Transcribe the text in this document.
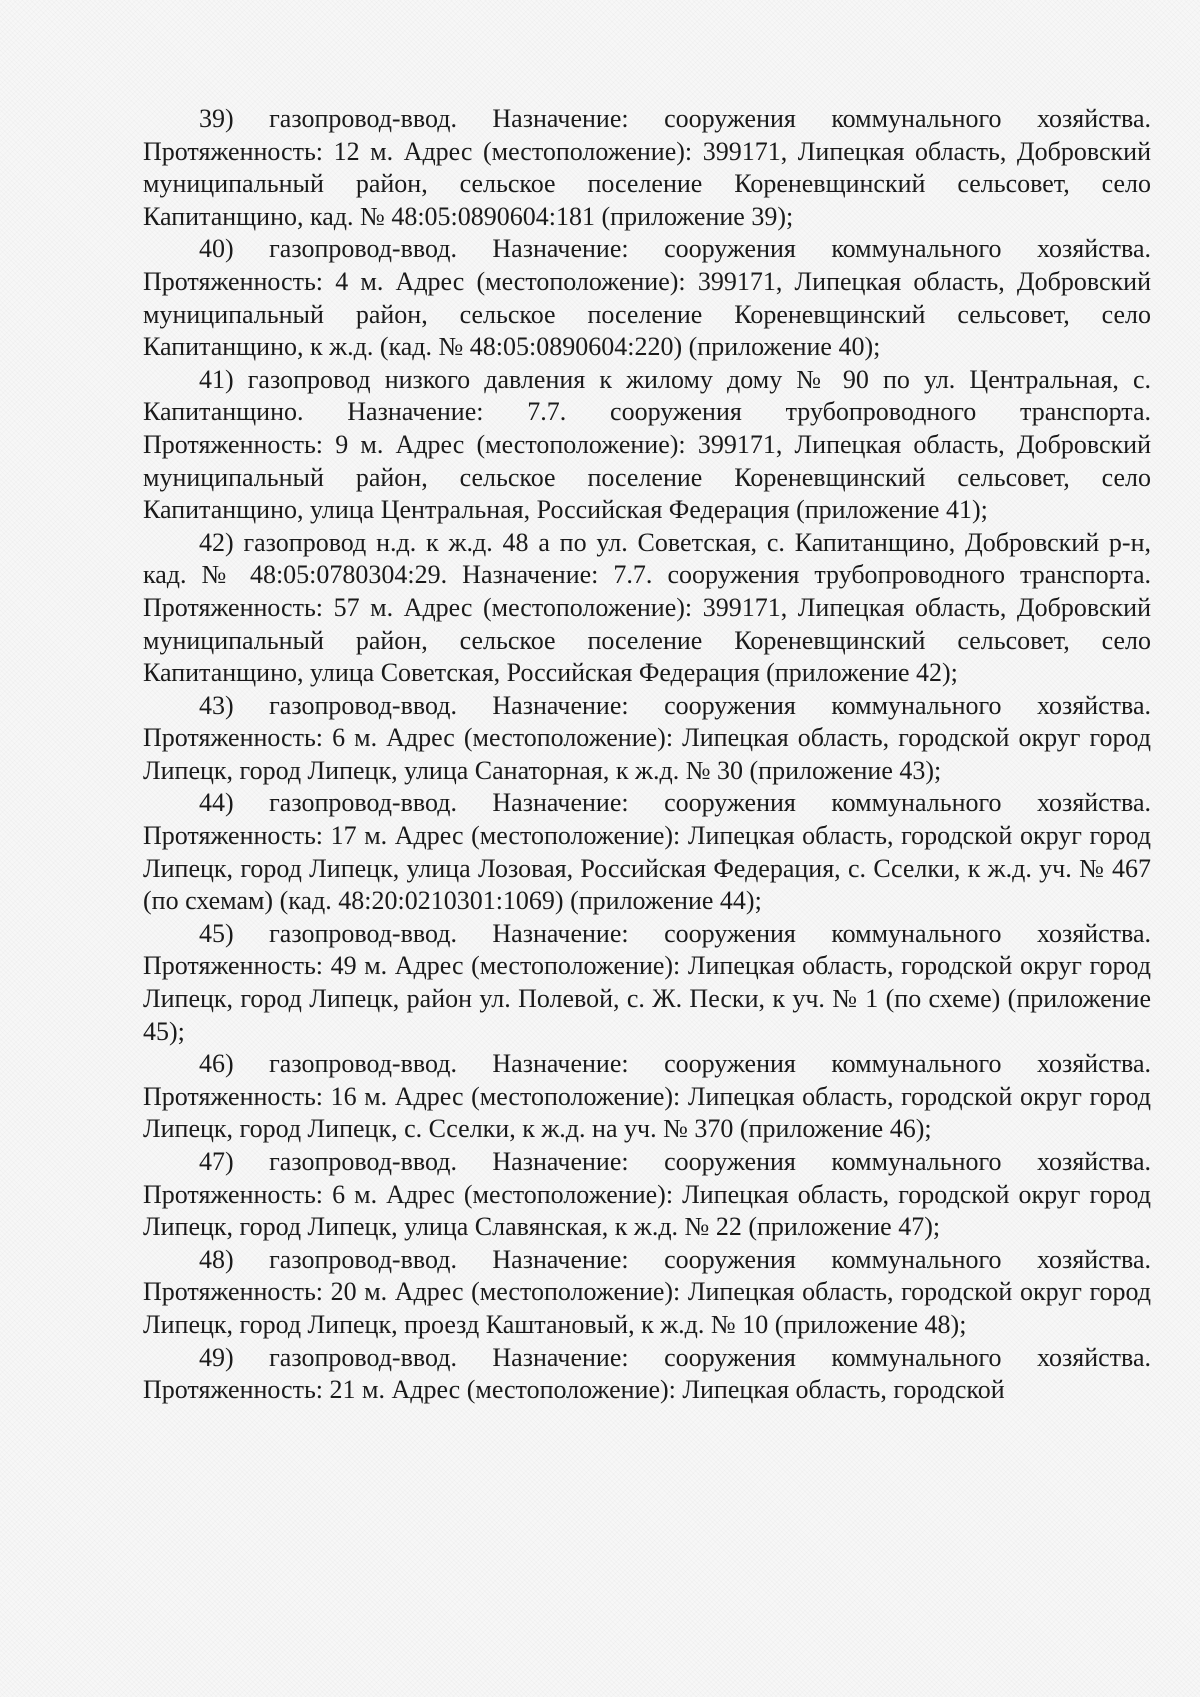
39) газопровод-ввод. Назначение: сооружения коммунального хозяйства. Протяженность: 12 м. Адрес (местоположение): 399171, Липецкая область, Добровский муниципальный район, сельское поселение Кореневщинский сельсовет, село Капитанщино, кад. № 48:05:0890604:181 (приложение 39);

40) газопровод-ввод. Назначение: сооружения коммунального хозяйства. Протяженность: 4 м. Адрес (местоположение): 399171, Липецкая область, Добровский муниципальный район, сельское поселение Кореневщинский сельсовет, село Капитанщино, к ж.д. (кад. № 48:05:0890604:220) (приложение 40);

41) газопровод низкого давления к жилому дому № 90 по ул. Центральная, с. Капитанщино. Назначение: 7.7. сооружения трубопроводного транспорта. Протяженность: 9 м. Адрес (местоположение): 399171, Липецкая область, Добровский муниципальный район, сельское поселение Кореневщинский сельсовет, село Капитанщино, улица Центральная, Российская Федерация (приложение 41);

42) газопровод н.д. к ж.д. 48 а по ул. Советская, с. Капитанщино, Добровский р-н, кад. № 48:05:0780304:29. Назначение: 7.7. сооружения трубопроводного транспорта. Протяженность: 57 м. Адрес (местоположение): 399171, Липецкая область, Добровский муниципальный район, сельское поселение Кореневщинский сельсовет, село Капитанщино, улица Советская, Российская Федерация (приложение 42);

43) газопровод-ввод. Назначение: сооружения коммунального хозяйства. Протяженность: 6 м. Адрес (местоположение): Липецкая область, городской округ город Липецк, город Липецк, улица Санаторная, к ж.д. № 30 (приложение 43);

44) газопровод-ввод. Назначение: сооружения коммунального хозяйства. Протяженность: 17 м. Адрес (местоположение): Липецкая область, городской округ город Липецк, город Липецк, улица Лозовая, Российская Федерация, с. Сселки, к ж.д. уч. № 467 (по схемам) (кад. 48:20:0210301:1069) (приложение 44);

45) газопровод-ввод. Назначение: сооружения коммунального хозяйства. Протяженность: 49 м. Адрес (местоположение): Липецкая область, городской округ город Липецк, город Липецк, район ул. Полевой, с. Ж. Пески, к уч. № 1 (по схеме) (приложение 45);

46) газопровод-ввод. Назначение: сооружения коммунального хозяйства. Протяженность: 16 м. Адрес (местоположение): Липецкая область, городской округ город Липецк, город Липецк, с. Сселки, к ж.д. на уч. № 370 (приложение 46);

47) газопровод-ввод. Назначение: сооружения коммунального хозяйства. Протяженность: 6 м. Адрес (местоположение): Липецкая область, городской округ город Липецк, город Липецк, улица Славянская, к ж.д. № 22 (приложение 47);

48) газопровод-ввод. Назначение: сооружения коммунального хозяйства. Протяженность: 20 м. Адрес (местоположение): Липецкая область, городской округ город Липецк, город Липецк, проезд Каштановый, к ж.д. № 10 (приложение 48);

49) газопровод-ввод. Назначение: сооружения коммунального хозяйства. Протяженность: 21 м. Адрес (местоположение): Липецкая область, городской
